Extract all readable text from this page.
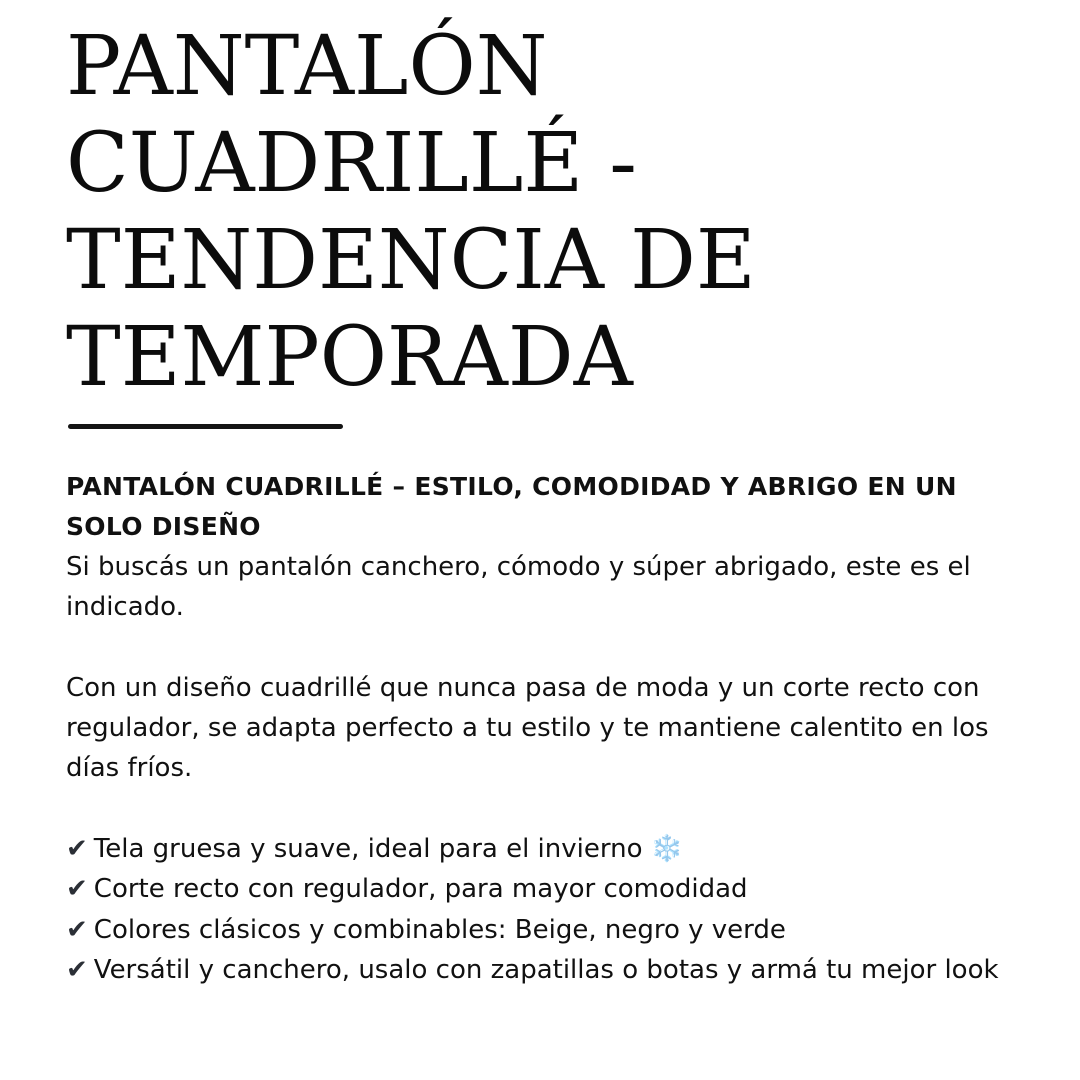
PANTALÓN
CUADRILLÉ -
TENDENCIA DE
TEMPORADA

PANTALÓN CUADRILLÉ – ESTILO, COMODIDAD Y ABRIGO EN UN SOLO DISEÑO

Si buscás un pantalón canchero, cómodo y súper abrigado, este es el indicado.

Con un diseño cuadrillé que nunca pasa de moda y un corte recto con regulador, se adapta perfecto a tu estilo y te mantiene calentito en los días fríos.

✔ Tela gruesa y suave, ideal para el invierno ❄️

✔ Corte recto con regulador, para mayor comodidad

✔ Colores clásicos y combinables: Beige, negro y verde

✔ Versátil y canchero, usalo con zapatillas o botas y armá tu mejor look
